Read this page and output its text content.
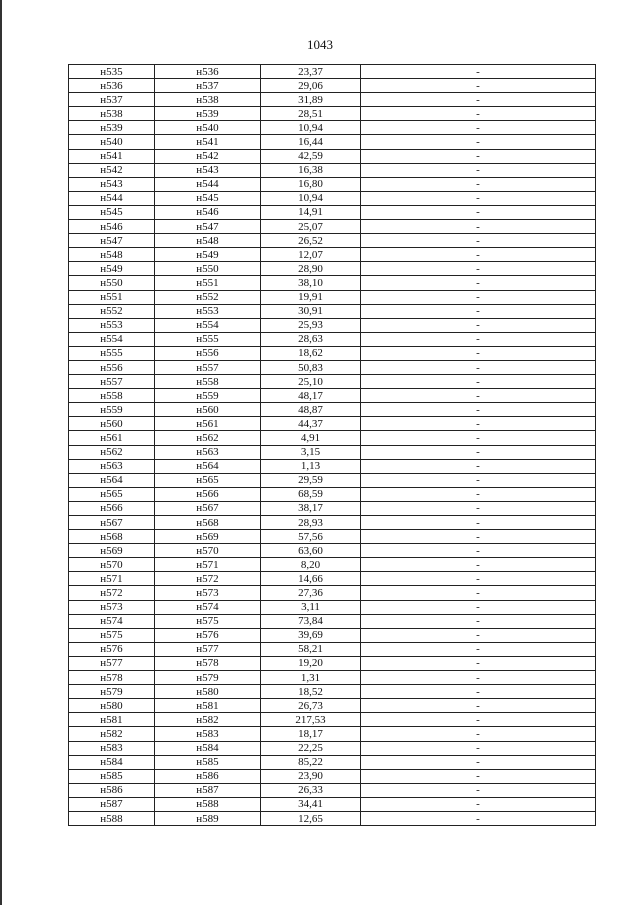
1043
н535	н536	23,37	-
н536	н537	29,06	-
н537	н538	31,89	-
н538	н539	28,51	-
н539	н540	10,94	-
н540	н541	16,44	-
н541	н542	42,59	-
н542	н543	16,38	-
н543	н544	16,80	-
н544	н545	10,94	-
н545	н546	14,91	-
н546	н547	25,07	-
н547	н548	26,52	-
н548	н549	12,07	-
н549	н550	28,90	-
н550	н551	38,10	-
н551	н552	19,91	-
н552	н553	30,91	-
н553	н554	25,93	-
н554	н555	28,63	-
н555	н556	18,62	-
н556	н557	50,83	-
н557	н558	25,10	-
н558	н559	48,17	-
н559	н560	48,87	-
н560	н561	44,37	-
н561	н562	4,91	-
н562	н563	3,15	-
н563	н564	1,13	-
н564	н565	29,59	-
н565	н566	68,59	-
н566	н567	38,17	-
н567	н568	28,93	-
н568	н569	57,56	-
н569	н570	63,60	-
н570	н571	8,20	-
н571	н572	14,66	-
н572	н573	27,36	-
н573	н574	3,11	-
н574	н575	73,84	-
н575	н576	39,69	-
н576	н577	58,21	-
н577	н578	19,20	-
н578	н579	1,31	-
н579	н580	18,52	-
н580	н581	26,73	-
н581	н582	217,53	-
н582	н583	18,17	-
н583	н584	22,25	-
н584	н585	85,22	-
н585	н586	23,90	-
н586	н587	26,33	-
н587	н588	34,41	-
н588	н589	12,65	-
